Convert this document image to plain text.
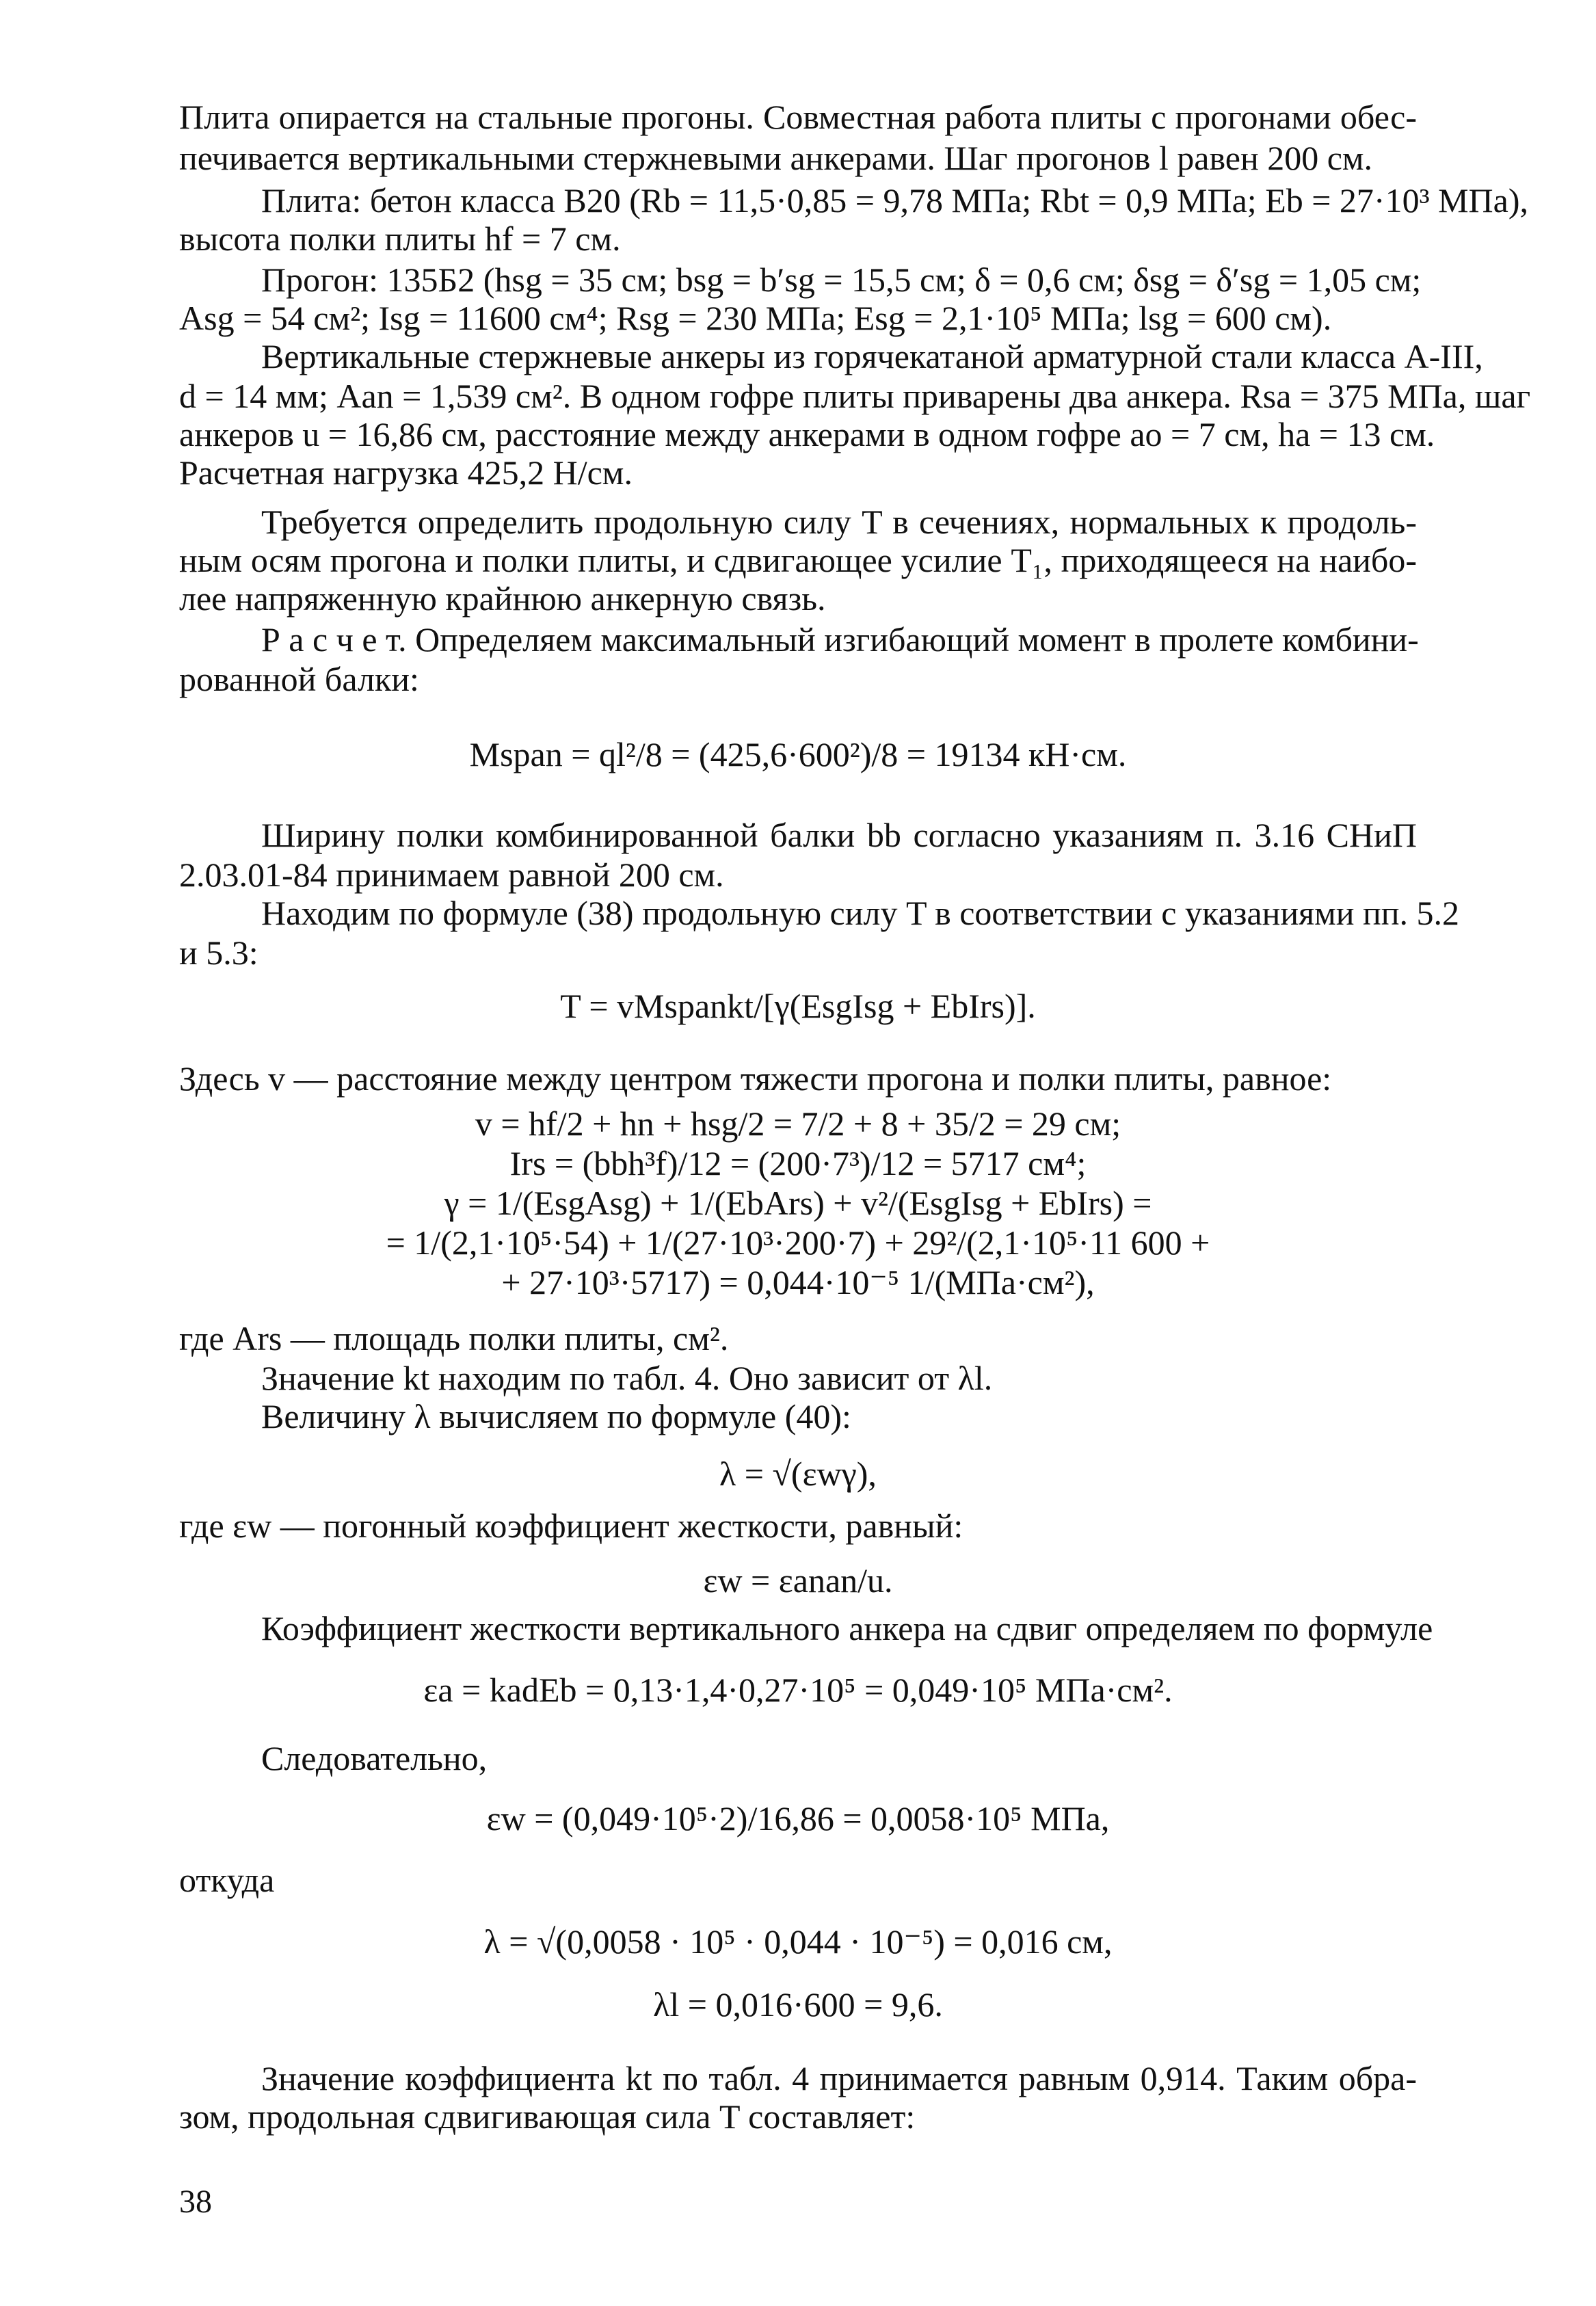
Плита опирается на стальные прогоны. Совместная работа плиты с прогонами обес-
печивается вертикальными стержневыми анкерами. Шаг прогонов l равен 200 см.
Плита: бетон класса В20 (Rb = 11,5·0,85 = 9,78 МПа; Rbt = 0,9 МПа; Eb = 27·10³ МПа),
высота полки плиты hf = 7 см.
Прогон: 135Б2 (hsg = 35 см; bsg = b′sg = 15,5 см; δ = 0,6 см; δsg = δ′sg = 1,05 см;
Asg = 54 см²; Isg = 11600 см⁴; Rsg = 230 МПа; Esg = 2,1·10⁵ МПа; lsg = 600 см).
Вертикальные стержневые анкеры из горячекатаной арматурной стали класса А-III,
d = 14 мм; Aan = 1,539 см². В одном гофре плиты приварены два анкера. Rsa = 375 МПа, шаг
анкеров u = 16,86 см, расстояние между анкерами в одном гофре ao = 7 см, ha = 13 см.
Расчетная нагрузка 425,2 Н/см.
Требуется определить продольную силу T в сечениях, нормальных к продоль-
ным осям прогона и полки плиты, и сдвигающее усилие T₁, приходящееся на наибо-
лее напряженную крайнюю анкерную связь.
Р а с ч е т. Определяем максимальный изгибающий момент в пролете комбини-
рованной балки:
Mspan = ql²/8 = (425,6·600²)/8 = 19134 кН·см.
Ширину полки комбинированной балки bb согласно указаниям п. 3.16 СНиП
2.03.01-84 принимаем равной 200 см.
Находим по формуле (38) продольную силу T в соответствии с указаниями пп. 5.2
и 5.3:
T = vMspankt/[γ(EsgIsg + EbIrs)].
Здесь v — расстояние между центром тяжести прогона и полки плиты, равное:
v = hf/2 + hn + hsg/2 = 7/2 + 8 + 35/2 = 29 см;
Irs = (bbh³f)/12 = (200·7³)/12 = 5717 см⁴;
γ = 1/(EsgAsg) + 1/(EbArs) + v²/(EsgIsg + EbIrs) =
= 1/(2,1·10⁵·54) + 1/(27·10³·200·7) + 29²/(2,1·10⁵·11 600 +
+ 27·10³·5717) = 0,044·10⁻⁵ 1/(МПа·см²),
где Ars — площадь полки плиты, см².
Значение kt находим по табл. 4. Оно зависит от λl.
Величину λ вычисляем по формуле (40):
λ = √(εwγ),
где εw — погонный коэффициент жесткости, равный:
εw = εanan/u.
Коэффициент жесткости вертикального анкера на сдвиг определяем по формуле
εa = kadEb = 0,13·1,4·0,27·10⁵ = 0,049·10⁵ МПа·см².
Следовательно,
εw = (0,049·10⁵·2)/16,86 = 0,0058·10⁵ МПа,
откуда
λ = √(0,0058 · 10⁵ · 0,044 · 10⁻⁵) = 0,016 см,
λl = 0,016·600 = 9,6.
Значение коэффициента kt по табл. 4 принимается равным 0,914. Таким обра-
зом, продольная сдвигивающая сила T составляет:
38
